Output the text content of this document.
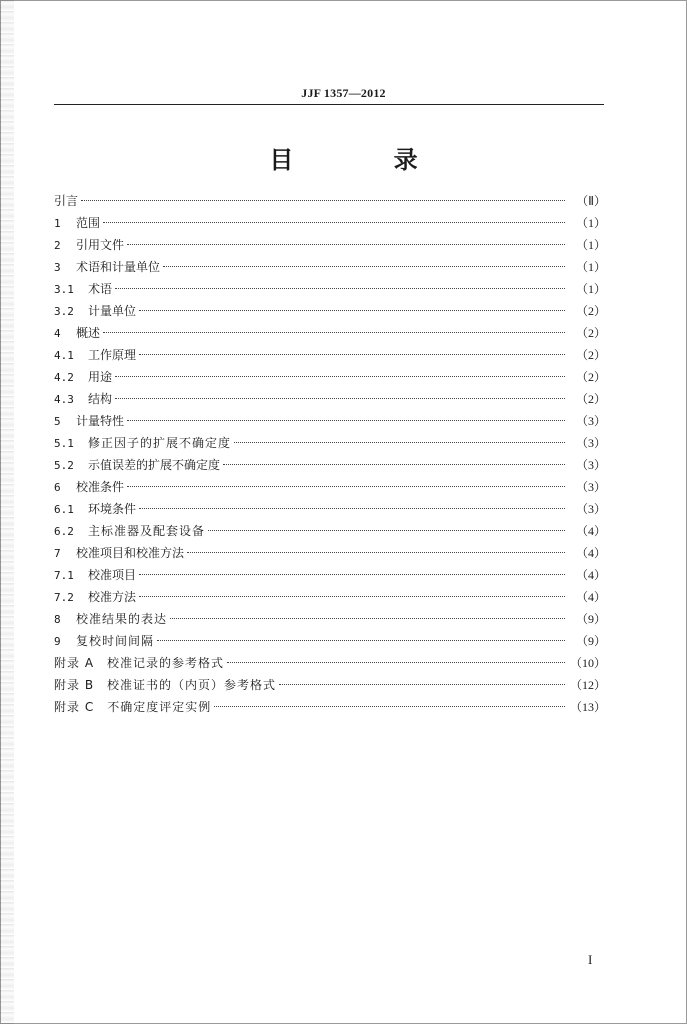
JJF 1357—2012
目 录
引言	（Ⅱ）
1	范围	（1）
2	引用文件	（1）
3	术语和计量单位	（1）
3.1	术语	（1）
3.2	计量单位	（2）
4	概述	（2）
4.1	工作原理	（2）
4.2	用途	（2）
4.3	结构	（2）
5	计量特性	（3）
5.1	修正因子的扩展不确定度	（3）
5.2	示值误差的扩展不确定度	（3）
6	校准条件	（3）
6.1	环境条件	（3）
6.2	主标准器及配套设备	（4）
7	校准项目和校准方法	（4）
7.1	校准项目	（4）
7.2	校准方法	（4）
8	校准结果的表达	（9）
9	复校时间间隔	（9）
附录 A　校准记录的参考格式	（10）
附录 B　校准证书的（内页）参考格式	（12）
附录 C　不确定度评定实例	（13）
I
